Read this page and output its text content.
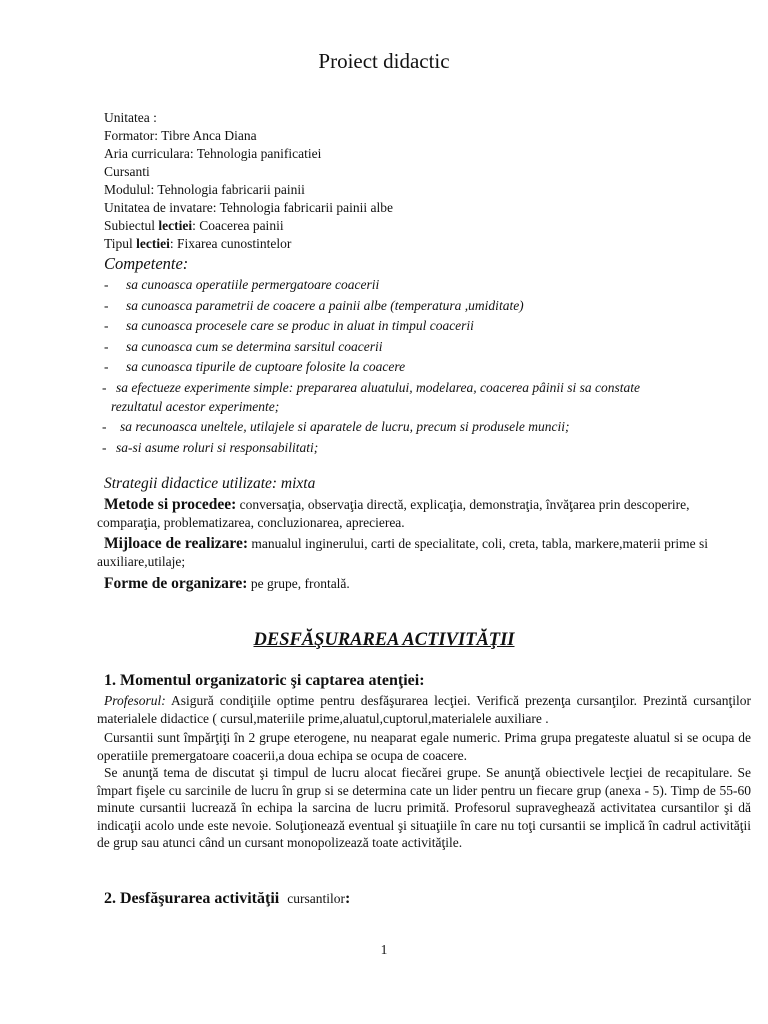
Proiect didactic
Unitatea :
Formator: Tibre Anca Diana
Aria curriculara: Tehnologia panificatiei
Cursanti
Modulul: Tehnologia fabricarii painii
Unitatea de invatare: Tehnologia fabricarii painii albe
Subiectul lectiei: Coacerea painii
Tipul lectiei: Fixarea cunostintelor
Competente:
- sa cunoasca operatiile permergatoare coacerii
- sa cunoasca parametrii de coacere a painii albe (temperatura ,umiditate)
- sa cunoasca procesele care se produc in aluat in timpul coacerii
- sa cunoasca cum se determina sarsitul coacerii
- sa cunoasca tipurile de cuptoare folosite la coacere
- sa efectueze experimente simple: prepararea aluatului, modelarea, coacerea pâinii si sa constate
rezultatul acestor experimente;
- sa recunoasca uneltele, utilajele si aparatele de lucru, precum si produsele muncii;
- sa-si asume roluri si responsabilitati;
Strategii didactice utilizate: mixta
Metode si procedee: conversaţia, observaţia directă, explicaţia, demonstraţia, învăţarea prin descoperire, comparaţia, problematizarea, concluzionarea, aprecierea.
Mijloace de realizare: manualul inginerului, carti de specialitate, coli, creta, tabla, markere,materii prime si auxiliare,utilaje;
Forme de organizare: pe grupe, frontală.
DESFĂŞURAREA ACTIVITĂŢII
1. Momentul organizatoric şi captarea atenţiei:
Profesorul: Asigură condiţiile optime pentru desfăşurarea lecţiei. Verifică prezenţa cursanţilor. Prezintă cursanţilor materialele didactice ( cursul,materiile prime,aluatul,cuptorul,materialele auxiliare .
Cursantii sunt împărţiţi în 2 grupe eterogene, nu neaparat egale numeric. Prima grupa pregateste aluatul si se ocupa de operatiile premergatoare coacerii,a doua echipa se ocupa de coacere.
Se anunţă tema de discutat şi timpul de lucru alocat fiecărei grupe. Se anunţă obiectivele lecţiei de recapitulare. Se împart fişele cu sarcinile de lucru în grup si se determina cate un lider pentru un fiecare grup (anexa - 5). Timp de 55-60 minute cursantii lucrează în echipa la sarcina de lucru primită. Profesorul supraveghează activitatea cursantilor şi dă indicaţii acolo unde este nevoie. Soluţionează eventual şi situaţiile în care nu toţi cursantii se implică în cadrul activităţii de grup sau atunci când un cursant monopolizează toate activităţile.
2. Desfăşurarea activităţii cursantilor:
1
